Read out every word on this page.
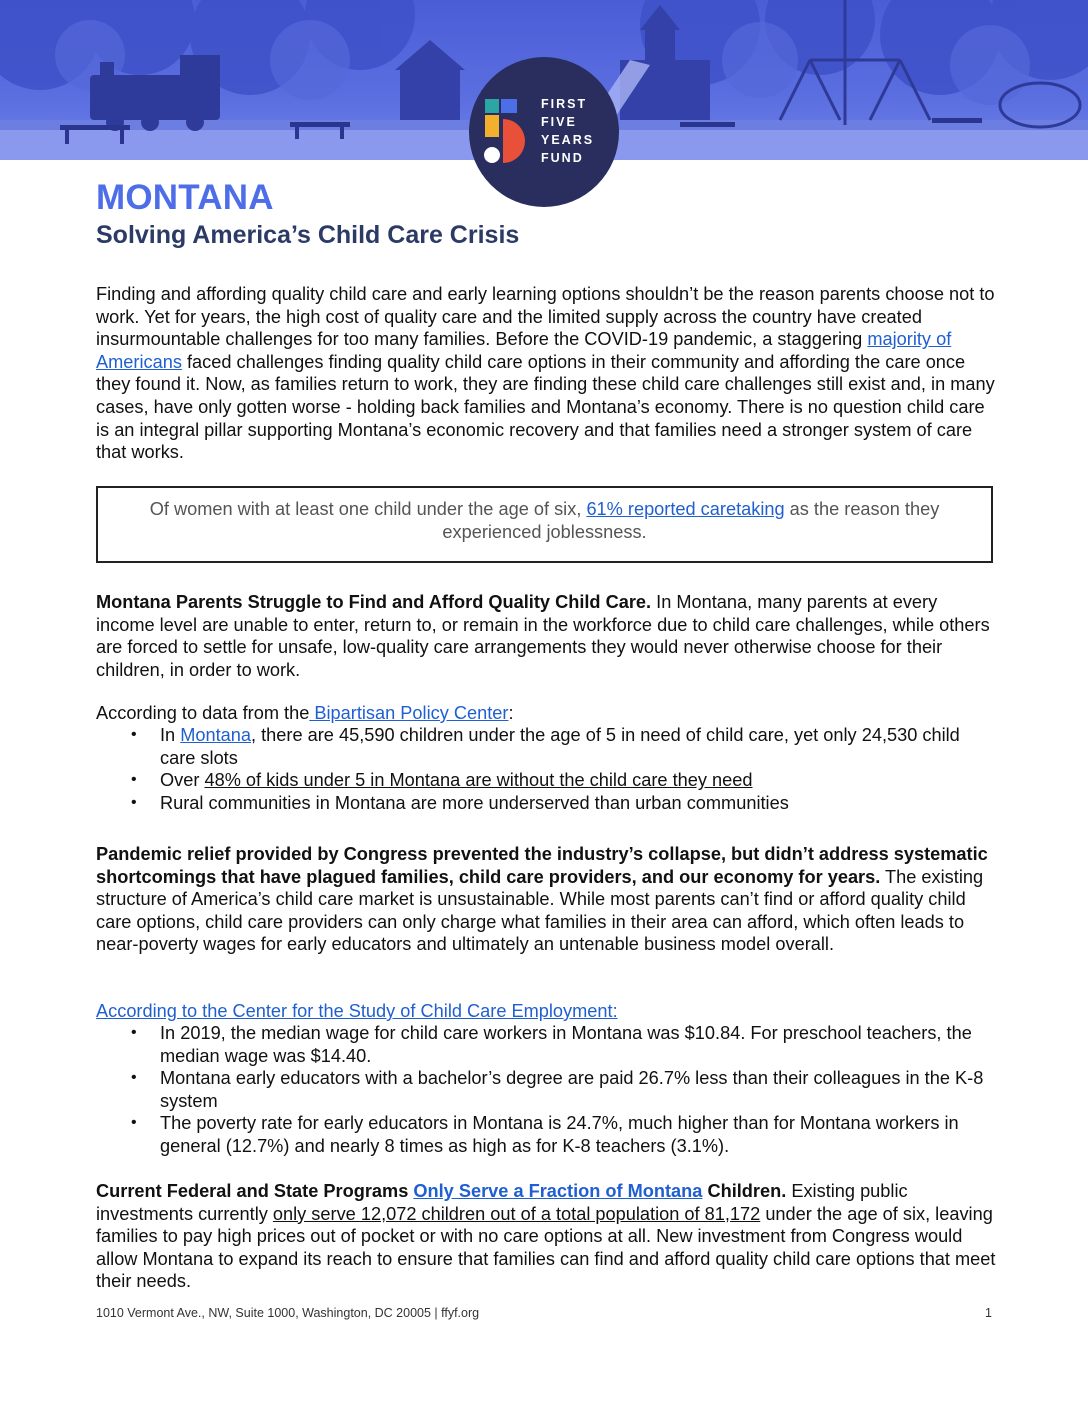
FIRST
FIVE
YEARS
FUND
MONTANA
Solving America’s Child Care Crisis

Finding and affording quality child care and early learning options shouldn’t be the reason parents choose not to work. Yet for years, the high cost of quality care and the limited supply across the country have created insurmountable challenges for too many families. Before the COVID-19 pandemic, a staggering majority of Americans faced challenges finding quality child care options in their community and affording the care once they found it. Now, as families return to work, they are finding these child care challenges still exist and, in many cases, have only gotten worse - holding back families and Montana’s economy. There is no question child care is an integral pillar supporting Montana’s economic recovery and that families need a stronger system of care that works.

Of women with at least one child under the age of six, 61% reported caretaking as the reason they experienced joblessness.

Montana Parents Struggle to Find and Afford Quality Child Care. In Montana, many parents at every income level are unable to enter, return to, or remain in the workforce due to child care challenges, while others are forced to settle for unsafe, low-quality care arrangements they would never otherwise choose for their children, in order to work.

According to data from the Bipartisan Policy Center:

• In Montana, there are 45,590 children under the age of 5 in need of child care, yet only 24,530 child care slots
• Over 48% of kids under 5 in Montana are without the child care they need
• Rural communities in Montana are more underserved than urban communities

Pandemic relief provided by Congress prevented the industry’s collapse, but didn’t address systematic shortcomings that have plagued families, child care providers, and our economy for years. The existing structure of America’s child care market is unsustainable. While most parents can’t find or afford quality child care options, child care providers can only charge what families in their area can afford, which often leads to near-poverty wages for early educators and ultimately an untenable business model overall.

According to the Center for the Study of Child Care Employment:

• In 2019, the median wage for child care workers in Montana was $10.84. For preschool teachers, the median wage was $14.40.
• Montana early educators with a bachelor’s degree are paid 26.7% less than their colleagues in the K-8 system
• The poverty rate for early educators in Montana is 24.7%, much higher than for Montana workers in general (12.7%) and nearly 8 times as high as for K-8 teachers (3.1%).

Current Federal and State Programs Only Serve a Fraction of Montana Children. Existing public investments currently only serve 12,072 children out of a total population of 81,172 under the age of six, leaving families to pay high prices out of pocket or with no care options at all. New investment from Congress would allow Montana to expand its reach to ensure that families can find and afford quality child care options that meet their needs.

1010 Vermont Ave., NW, Suite 1000, Washington, DC 20005 | ffyf.org	1
